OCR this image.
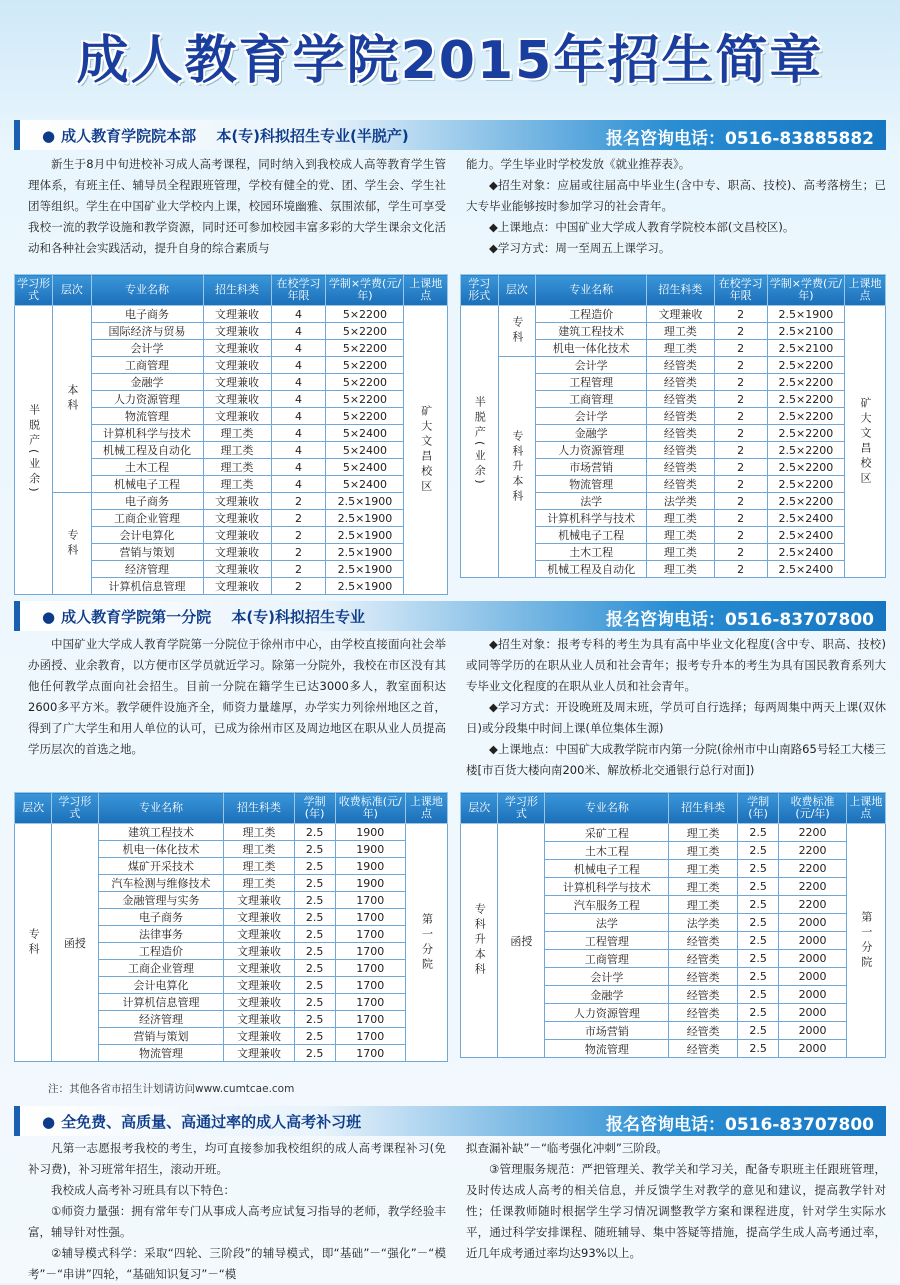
成人教育学院2015年招生简章
● 成人教育学院院本部　 本(专)科拟招生专业(半脱产)	报名咨询电话：0516-83885882

新生于8月中旬进校补习成人高考课程，同时纳入到我校成人高等教育学生管理体系，有班主任、辅导员全程跟班管理，学校有健全的党、团、学生会、学生社团等组织。学生在中国矿业大学校内上课，校园环境幽雅、氛围浓郁，学生可享受我校一流的教学设施和教学资源，同时还可参加校园丰富多彩的大学生课余文化活动和各种社会实践活动，提升自身的综合素质与

能力。学生毕业时学校发放《就业推荐表》。

◆招生对象：应届或往届高中毕业生(含中专、职高、技校)、高考落榜生；已大专毕业能够按时参加学习的社会青年。

◆上课地点：中国矿业大学成人教育学院校本部(文昌校区)。

◆学习方式：周一至周五上课学习。

学习形式	层次	专业名称	招生科类	在校学习年限	学制×学费(元/年)	上课地点
半脱产(业余)	本科	电子商务	文理兼收	4	5×2200	矿大文昌校区
		国际经济与贸易	文理兼收	4	5×2200	
		会计学	文理兼收	4	5×2200	
		工商管理	文理兼收	4	5×2200	
		金融学	文理兼收	4	5×2200	
		人力资源管理	文理兼收	4	5×2200	
		物流管理	文理兼收	4	5×2200	
		计算机科学与技术	理工类	4	5×2400	
		机械工程及自动化	理工类	4	5×2400	
		土木工程	理工类	4	5×2400	
		机械电子工程	理工类	4	5×2400	
	专科	电子商务	文理兼收	2	2.5×1900	
		工商企业管理	文理兼收	2	2.5×1900	
		会计电算化	文理兼收	2	2.5×1900	
		营销与策划	文理兼收	2	2.5×1900	
		经济管理	文理兼收	2	2.5×1900	
		计算机信息管理	文理兼收	2	2.5×1900	
学习形式	层次	专业名称	招生科类	在校学习年限	学制×学费(元/年)	上课地点
半脱产(业余)	专科	工程造价	文理兼收	2	2.5×1900	矿大文昌校区
		建筑工程技术	理工类	2	2.5×2100	
		机电一体化技术	理工类	2	2.5×2100	
	专科升本科	会计学	经管类	2	2.5×2200	
		工程管理	经管类	2	2.5×2200	
		工商管理	经管类	2	2.5×2200	
		会计学	经管类	2	2.5×2200	
		金融学	经管类	2	2.5×2200	
		人力资源管理	经管类	2	2.5×2200	
		市场营销	经管类	2	2.5×2200	
		物流管理	经管类	2	2.5×2200	
		法学	法学类	2	2.5×2200	
		计算机科学与技术	理工类	2	2.5×2400	
		机械电子工程	理工类	2	2.5×2400	
		土木工程	理工类	2	2.5×2400	
		机械工程及自动化	理工类	2	2.5×2400	
● 成人教育学院第一分院　 本(专)科拟招生专业	报名咨询电话：0516-83707800

中国矿业大学成人教育学院第一分院位于徐州市中心，由学校直接面向社会举办函授、业余教育，以方便市区学员就近学习。除第一分院外，我校在市区没有其他任何教学点面向社会招生。目前一分院在籍学生已达3000多人，教室面积达2600多平方米。教学硬件设施齐全，师资力量雄厚，办学实力列徐州地区之首，得到了广大学生和用人单位的认可，已成为徐州市区及周边地区在职从业人员提高学历层次的首选之地。

◆招生对象：报考专科的考生为具有高中毕业文化程度(含中专、职高、技校)或同等学历的在职从业人员和社会青年；报考专升本的考生为具有国民教育系列大专毕业文化程度的在职从业人员和社会青年。

◆学习方式：开设晚班及周末班，学员可自行选择；每两周集中两天上课(双休日)或分段集中时间上课(单位集体生源)

◆上课地点：中国矿大成教学院市内第一分院(徐州市中山南路65号轻工大楼三楼[市百货大楼向南200米、解放桥北交通银行总行对面])

层次	学习形式	专业名称	招生科类	学制(年)	收费标准(元/年)	上课地点
专科	函授	建筑工程技术	理工类	2.5	1900	第一分院
		机电一体化技术	理工类	2.5	1900	
		煤矿开采技术	理工类	2.5	1900	
		汽车检测与维修技术	理工类	2.5	1900	
		金融管理与实务	文理兼收	2.5	1700	
		电子商务	文理兼收	2.5	1700	
		法律事务	文理兼收	2.5	1700	
		工程造价	文理兼收	2.5	1700	
		工商企业管理	文理兼收	2.5	1700	
		会计电算化	文理兼收	2.5	1700	
		计算机信息管理	文理兼收	2.5	1700	
		经济管理	文理兼收	2.5	1700	
		营销与策划	文理兼收	2.5	1700	
		物流管理	文理兼收	2.5	1700	
层次	学习形式	专业名称	招生科类	学制(年)	收费标准(元/年)	上课地点
专科升本科	函授	采矿工程	理工类	2.5	2200	第一分院
		土木工程	理工类	2.5	2200	
		机械电子工程	理工类	2.5	2200	
		计算机科学与技术	理工类	2.5	2200	
		汽车服务工程	理工类	2.5	2200	
		法学	法学类	2.5	2000	
		工程管理	经管类	2.5	2000	
		工商管理	经管类	2.5	2000	
		会计学	经管类	2.5	2000	
		金融学	经管类	2.5	2000	
		人力资源管理	经管类	2.5	2000	
		市场营销	经管类	2.5	2000	
		物流管理	经管类	2.5	2000	
注：其他各省市招生计划请访问www.cumtcae.com
● 全免费、高质量、高通过率的成人高考补习班	报名咨询电话：0516-83707800

凡第一志愿报考我校的考生，均可直接参加我校组织的成人高考课程补习(免补习费)，补习班常年招生，滚动开班。

我校成人高考补习班具有以下特色：

①师资力量强：拥有常年专门从事成人高考应试复习指导的老师，教学经验丰富，辅导针对性强。

②辅导模式科学：采取“四轮、三阶段”的辅导模式，即“基础”－“强化”－“模考”－“串讲”四轮，“基础知识复习”－“模

拟查漏补缺”－“临考强化冲刺”三阶段。

③管理服务规范：严把管理关、教学关和学习关，配备专职班主任跟班管理，及时传达成人高考的相关信息，并反馈学生对教学的意见和建议，提高教学针对性；任课教师随时根据学生学习情况调整教学方案和课程进度，针对学生实际水平，通过科学安排课程、随班辅导、集中答疑等措施，提高学生成人高考通过率，近几年成考通过率均达93%以上。
